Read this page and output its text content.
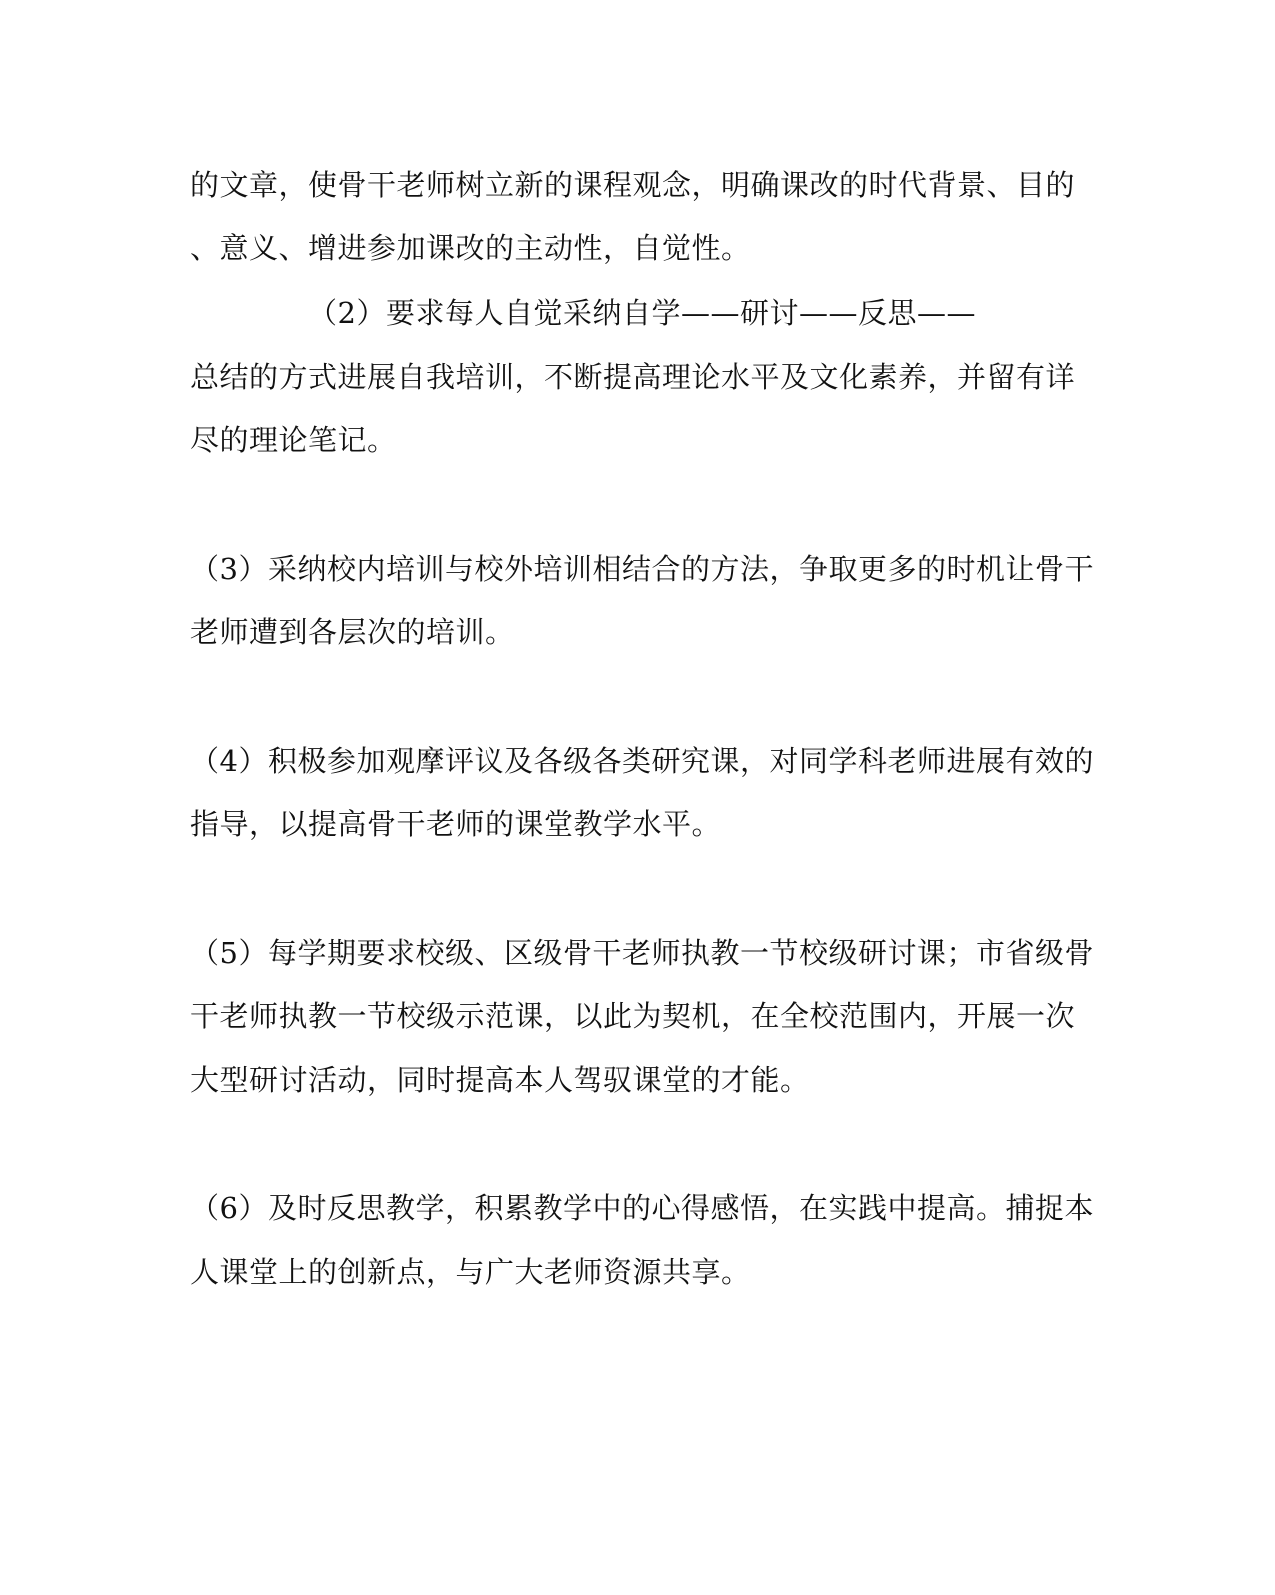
的文章，使骨干老师树立新的课程观念，明确课改的时代背景、目的
、意义、增进参加课改的主动性，自觉性。
（2）要求每人自觉采纳自学——研讨——反思——
总结的方式进展自我培训，不断提高理论水平及文化素养，并留有详
尽的理论笔记。
（3）采纳校内培训与校外培训相结合的方法，争取更多的时机让骨干
老师遭到各层次的培训。
（4）积极参加观摩评议及各级各类研究课，对同学科老师进展有效的
指导，以提高骨干老师的课堂教学水平。
（5）每学期要求校级、区级骨干老师执教一节校级研讨课；市省级骨
干老师执教一节校级示范课，以此为契机，在全校范围内，开展一次
大型研讨活动，同时提高本人驾驭课堂的才能。
（6）及时反思教学，积累教学中的心得感悟，在实践中提高。捕捉本
人课堂上的创新点，与广大老师资源共享。
